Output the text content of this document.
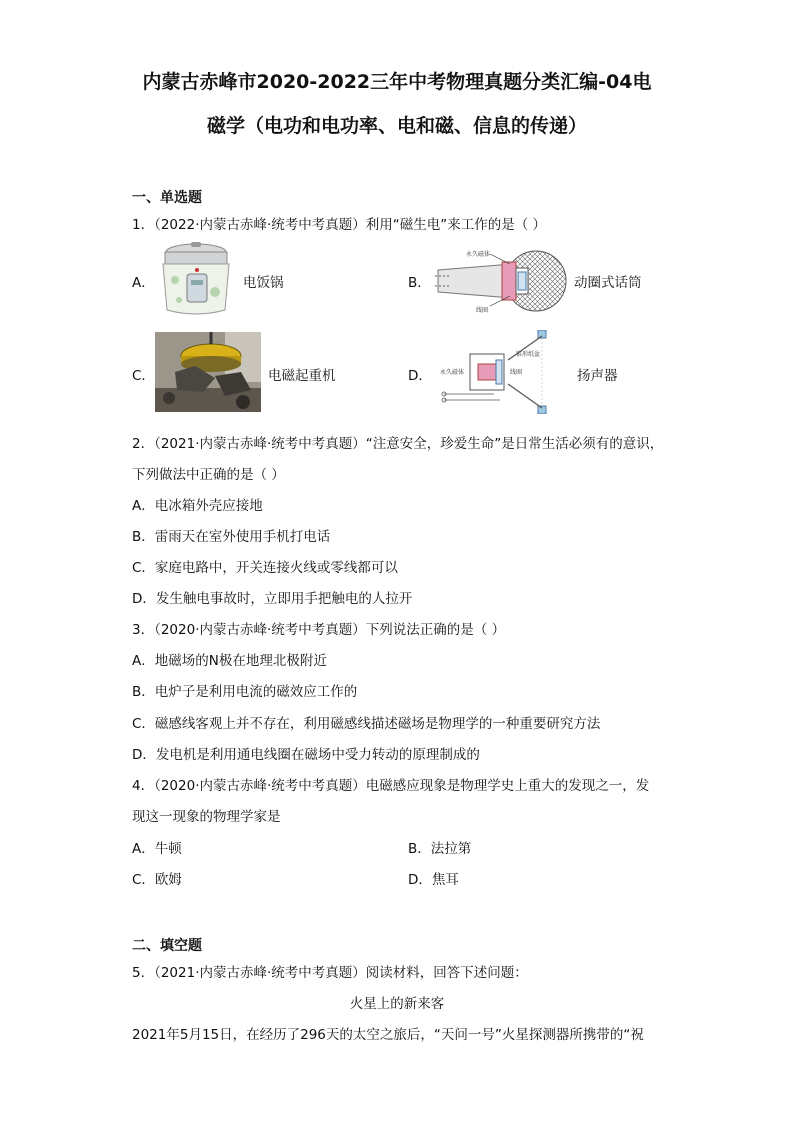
内蒙古赤峰市2020-2022三年中考物理真题分类汇编-04电
磁学（电功和电功率、电和磁、信息的传递）
一、单选题
1．（2022·内蒙古赤峰·统考中考真题）利用“磁生电”来工作的是（ ）
A．	电饭锅	B．
永久磁体
线圈
动圈式话筒
C．	电磁起重机	D． 永久磁体
锥形纸盆
线圈	扬声器
2．（2021·内蒙古赤峰·统考中考真题）“注意安全，珍爱生命”是日常生活必须有的意识，
下列做法中正确的是（ ）
A．电冰箱外壳应接地
B．雷雨天在室外使用手机打电话
C．家庭电路中，开关连接火线或零线都可以
D．发生触电事故时，立即用手把触电的人拉开
3．（2020·内蒙古赤峰·统考中考真题）下列说法正确的是（ ）
A．地磁场的N极在地理北极附近
B．电炉子是利用电流的磁效应工作的
C．磁感线客观上并不存在，利用磁感线描述磁场是物理学的一种重要研究方法
D．发电机是利用通电线圈在磁场中受力转动的原理制成的
4．（2020·内蒙古赤峰·统考中考真题）电磁感应现象是物理学史上重大的发现之一，发
现这一现象的物理学家是
A．牛顿	B．法拉第
C．欧姆	D．焦耳
二、填空题
5．（2021·内蒙古赤峰·统考中考真题）阅读材料，回答下述问题：
火星上的新来客
2021年5月15日，在经历了296天的太空之旅后，“天问一号”火星探测器所携带的“祝
